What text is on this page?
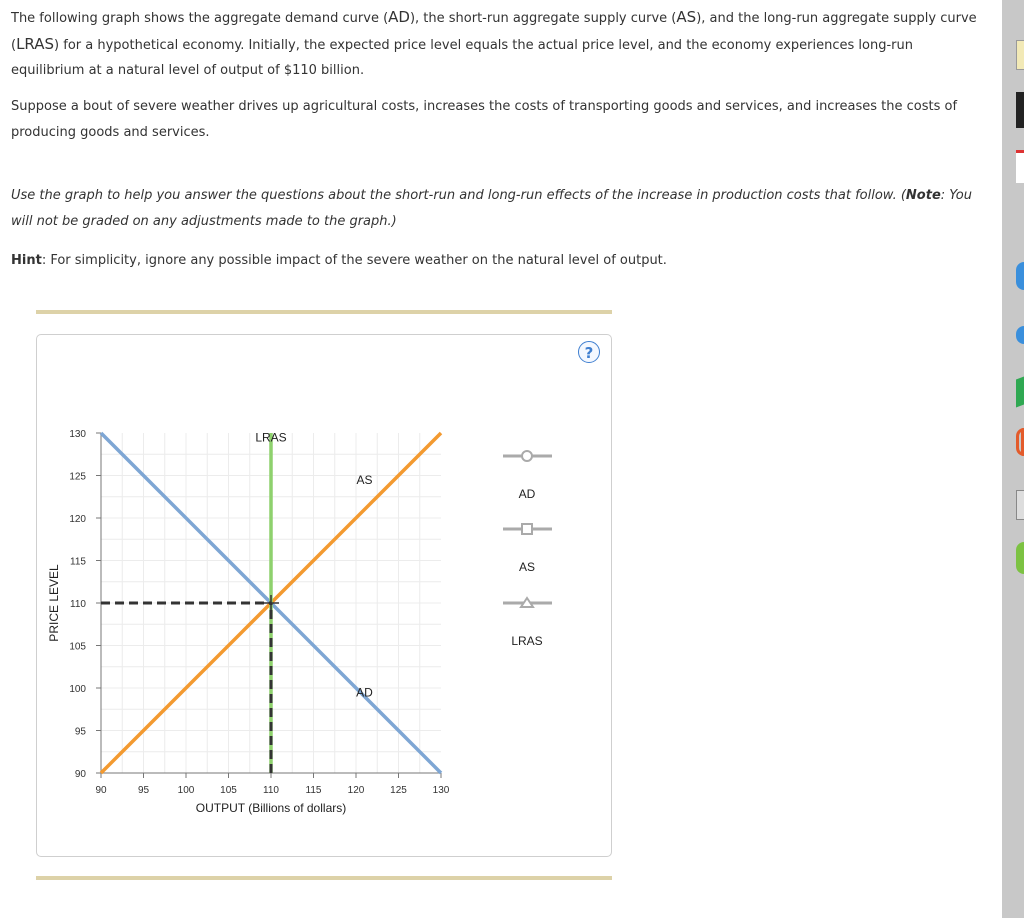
The following graph shows the aggregate demand curve (AD), the short-run aggregate supply curve (AS), and the long-run aggregate supply curve (LRAS) for a hypothetical economy. Initially, the expected price level equals the actual price level, and the economy experiences long-run equilibrium at a natural level of output of $110 billion.
Suppose a bout of severe weather drives up agricultural costs, increases the costs of transporting goods and services, and increases the costs of producing goods and services.
Use the graph to help you answer the questions about the short-run and long-run effects of the increase in production costs that follow. (Note: You will not be graded on any adjustments made to the graph.)
Hint: For simplicity, ignore any possible impact of the severe weather on the natural level of output.
?
90	95	100	105	110	115	120	125	130
90
95
100
105
110
115
120
125
130
OUTPUT (Billions of dollars)
PRICE LEVEL
AD
AS
LRAS
AD
AS
LRAS
